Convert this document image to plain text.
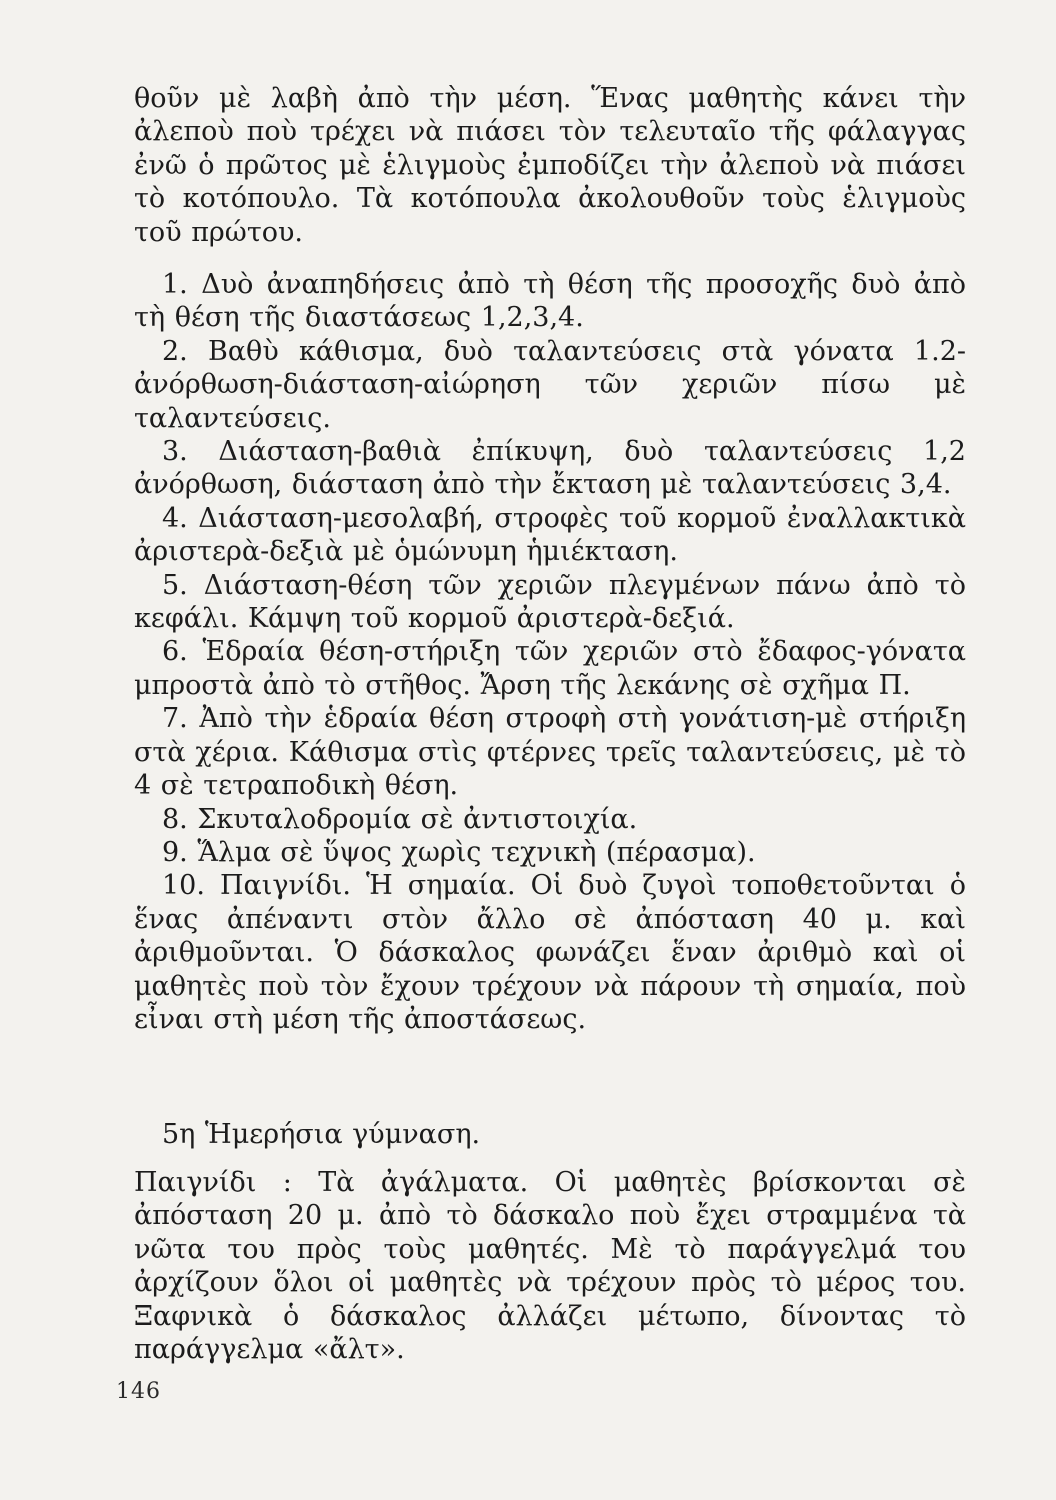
θοῦν μὲ λαβὴ ἀπὸ τὴν μέση. Ἕνας μαθητὴς κάνει τὴν ἀλεποὺ ποὺ τρέχει νὰ πιάσει τὸν τελευταῖο τῆς φάλαγγας ἐνῶ ὁ πρῶτος μὲ ἑλιγμοὺς ἐμποδίζει τὴν ἀλεποὺ νὰ πιάσει τὸ κοτόπουλο. Τὰ κοτόπουλα ἀκολουθοῦν τοὺς ἑλιγμοὺς τοῦ πρώτου.

1. Δυὸ ἀναπηδήσεις ἀπὸ τὴ θέση τῆς προσοχῆς δυὸ ἀπὸ τὴ θέση τῆς διαστάσεως 1,2,3,4.

2. Βαθὺ κάθισμα, δυὸ ταλαντεύσεις στὰ γόνατα 1.2-ἀνόρθωση-διάσταση-αἰώρηση τῶν χεριῶν πίσω μὲ ταλαντεύσεις.

3. Διάσταση-βαθιὰ ἐπίκυψη, δυὸ ταλαντεύσεις 1,2 ἀνόρθωση, διάσταση ἀπὸ τὴν ἔκταση μὲ ταλαντεύσεις 3,4.

4. Διάσταση-μεσολαβή, στροφὲς τοῦ κορμοῦ ἐναλλακτικὰ ἀριστερὰ-δεξιὰ μὲ ὁμώνυμη ἡμιέκταση.

5. Διάσταση-θέση τῶν χεριῶν πλεγμένων πάνω ἀπὸ τὸ κεφάλι. Κάμψη τοῦ κορμοῦ ἀριστερὰ-δεξιά.

6. Ἑδραία θέση-στήριξη τῶν χεριῶν στὸ ἔδαφος-γόνατα μπροστὰ ἀπὸ τὸ στῆθος. Ἄρση τῆς λεκάνης σὲ σχῆμα Π.

7. Ἀπὸ τὴν ἑδραία θέση στροφὴ στὴ γονάτιση-μὲ στήριξη στὰ χέρια. Κάθισμα στὶς φτέρνες τρεῖς ταλαντεύσεις, μὲ τὸ 4 σὲ τετραποδικὴ θέση.

8. Σκυταλοδρομία σὲ ἀντιστοιχία.

9. Ἅλμα σὲ ὕψος χωρὶς τεχνικὴ (πέρασμα).

10. Παιγνίδι. Ἡ σημαία. Οἱ δυὸ ζυγοὶ τοποθετοῦνται ὁ ἕνας ἀπέναντι στὸν ἄλλο σὲ ἀπόσταση 40 μ. καὶ ἀριθμοῦνται. Ὁ δάσκαλος φωνάζει ἕναν ἀριθμὸ καὶ οἱ μαθητὲς ποὺ τὸν ἔχουν τρέχουν νὰ πάρουν τὴ σημαία, ποὺ εἶναι στὴ μέση τῆς ἀποστάσεως.

5η Ἡμερήσια γύμναση.

Παιγνίδι : Τὰ ἀγάλματα. Οἱ μαθητὲς βρίσκονται σὲ ἀπόσταση 20 μ. ἀπὸ τὸ δάσκαλο ποὺ ἔχει στραμμένα τὰ νῶτα του πρὸς τοὺς μαθητές. Μὲ τὸ παράγγελμά του ἀρχίζουν ὅλοι οἱ μαθητὲς νὰ τρέχουν πρὸς τὸ μέρος του. Ξαφνικὰ ὁ δάσκαλος ἀλλάζει μέτωπο, δίνοντας τὸ παράγγελμα «ἄλτ».

146
